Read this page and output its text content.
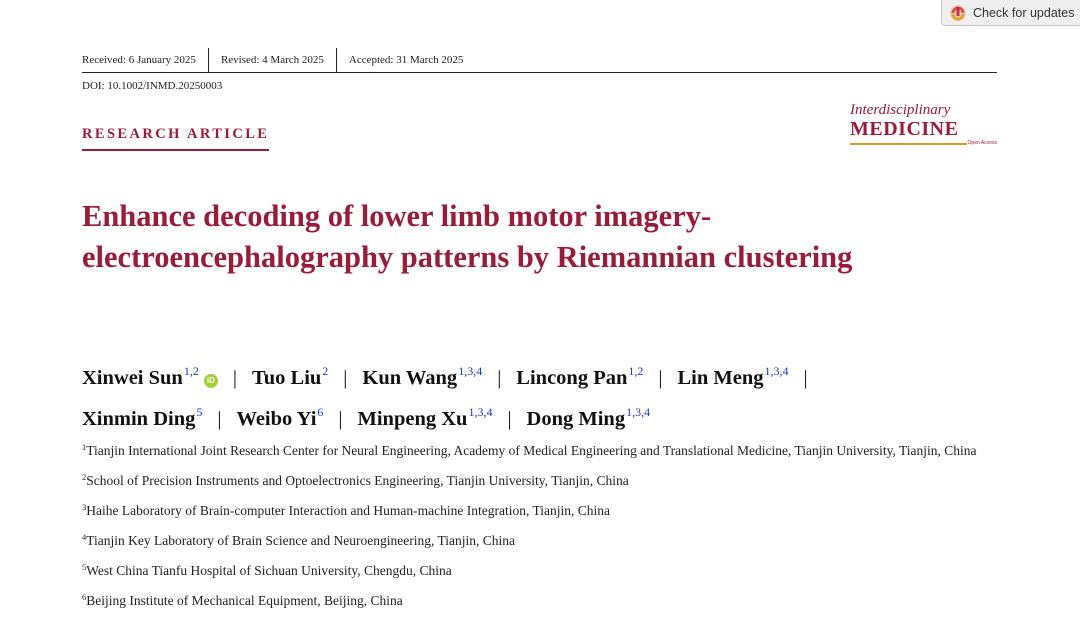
Check for updates
Received: 6 January 2025	Revised: 4 March 2025	Accepted: 31 March 2025
DOI: 10.1002/INMD.20250003
RESEARCH ARTICLE
Interdisciplinary
MEDICINE
Open Access
Enhance decoding of lower limb motor imagery-electroencephalography patterns by Riemannian clustering
Xinwei Sun$^{1,2}$iD | Tuo Liu$^2$ | Kun Wang$^{1,3,4}$ | Lincong Pan$^{1,2}$ | Lin Meng$^{1,3,4}$ |
Xinmin Ding$^5$ | Weibo Yi$^6$ | Minpeng Xu$^{1,3,4}$ | Dong Ming$^{1,3,4}$
$^1$Tianjin International Joint Research Center for Neural Engineering, Academy of Medical Engineering and Translational Medicine, Tianjin University, Tianjin, China
$^2$School of Precision Instruments and Optoelectronics Engineering, Tianjin University, Tianjin, China
$^3$Haihe Laboratory of Brain-computer Interaction and Human-machine Integration, Tianjin, China
$^4$Tianjin Key Laboratory of Brain Science and Neuroengineering, Tianjin, China
$^5$West China Tianfu Hospital of Sichuan University, Chengdu, China
$^6$Beijing Institute of Mechanical Equipment, Beijing, China
